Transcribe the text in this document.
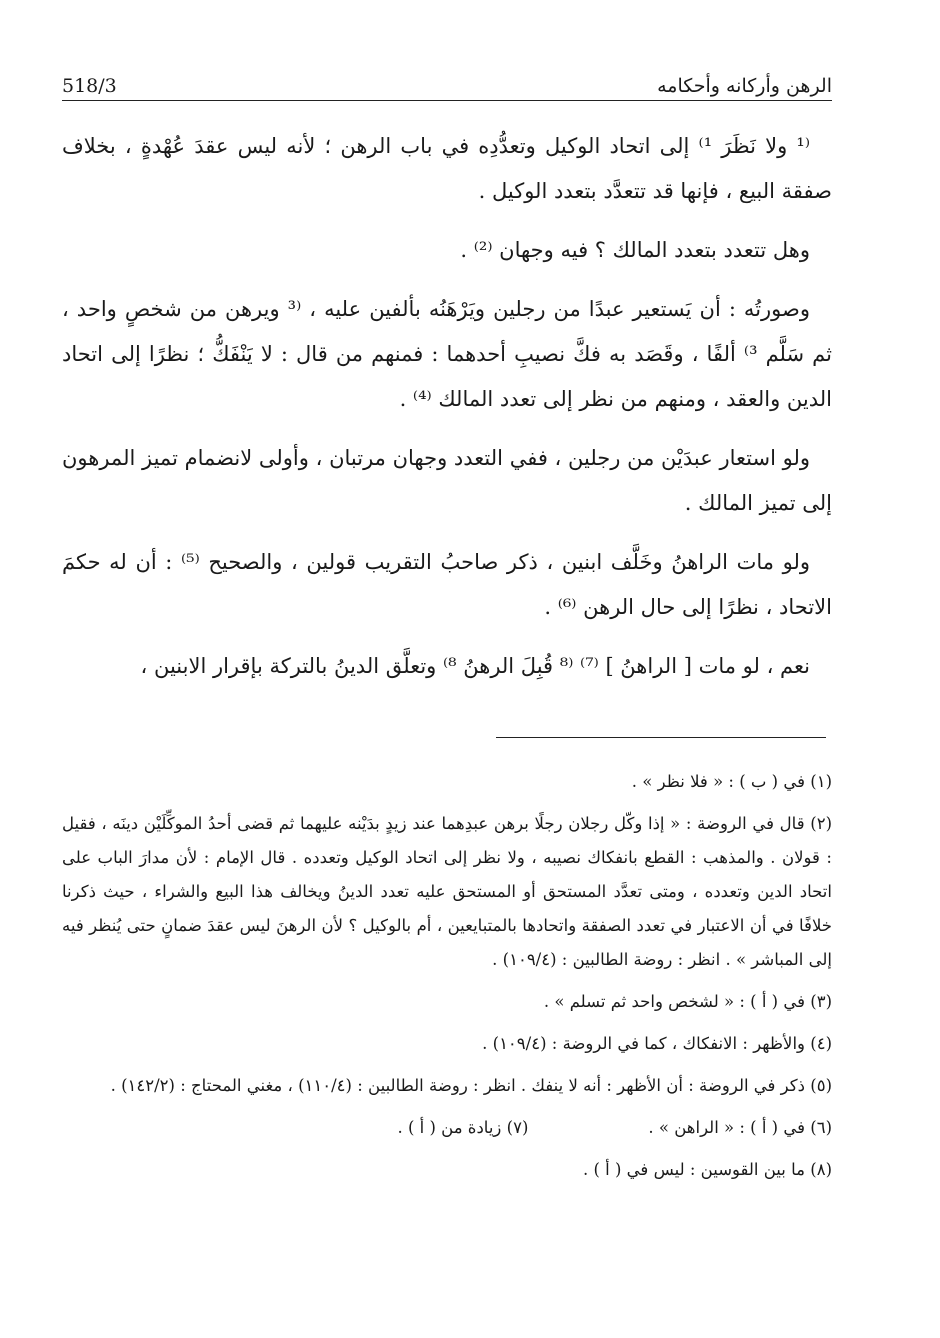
518/3	الرهن وأركانه وأحكامه

⁽¹ ولا نَظَرَ ¹⁾ إلى اتحاد الوكيل وتعدُّدِه في باب الرهن ؛ لأنه ليس عقدَ عُهْدةٍ ، بخلاف صفقة البيع ، فإنها قد تتعدَّد بتعدد الوكيل .

وهل تتعدد بتعدد المالك ؟ فيه وجهان ⁽²⁾ .

وصورتُه : أن يَستعير عبدًا من رجلين ويَرْهَنُه بألفين عليه ، ⁽³ ويرهن من شخصٍ واحد ، ثم سَلَّم ³⁾ ألفًا ، وقَصَد به فكَّ نصيبِ أحدهما : فمنهم من قال : لا يَنْفَكُّ ؛ نظرًا إلى اتحاد الدين والعقد ، ومنهم من نظر إلى تعدد المالك ⁽⁴⁾ .

ولو استعار عبدَيْن من رجلين ، ففي التعدد وجهان مرتبان ، وأولى لانضمام تميز المرهون إلى تميز المالك .

ولو مات الراهنُ وخَلَّف ابنين ، ذكر صاحبُ التقريب قولين ، والصحيح ⁽⁵⁾ : أن له حكمَ الاتحاد ، نظرًا إلى حال الرهن ⁽⁶⁾ .

نعم ، لو مات [ الراهنُ ] ⁽⁷⁾ ⁽⁸ قُبِلَ الرهنُ ⁸⁾ وتعلَّق الدينُ بالتركة بإقرار الابنين ،

(١) في ( ب ) : « فلا نظر » .

(٢) قال في الروضة : « إذا وكّل رجلان رجلًا برهن عبدِهما عند زيدٍ بدَيْنه عليهما ثم قضى أحدُ الموكِّلَيْن دينَه ، فقيل : قولان . والمذهب : القطع بانفكاك نصيبه ، ولا نظر إلى اتحاد الوكيل وتعدده . قال الإمام : لأن مدارَ الباب على اتحاد الدين وتعدده ، ومتى تعدَّد المستحق أو المستحق عليه تعدد الدينُ ويخالف هذا البيع والشراء ، حيث ذكرنا خلافًا في أن الاعتبار في تعدد الصفقة واتحادها بالمتبايعين ، أم بالوكيل ؟ لأن الرهنَ ليس عقدَ ضمانٍ حتى يُنظر فيه إلى المباشر » . انظر : روضة الطالبين : (١٠٩/٤) .

(٣) في ( أ ) : « لشخص واحد ثم تسلم » .

(٤) والأظهر : الانفكاك ، كما في الروضة : (١٠٩/٤) .

(٥) ذكر في الروضة : أن الأظهر : أنه لا ينفك . انظر : روضة الطالبين : (١١٠/٤) ، مغني المحتاج : (١٤٢/٢) .

(٦) في ( أ ) : « الراهن » .
(٧) زيادة من ( أ ) .

(٨) ما بين القوسين : ليس في ( أ ) .
